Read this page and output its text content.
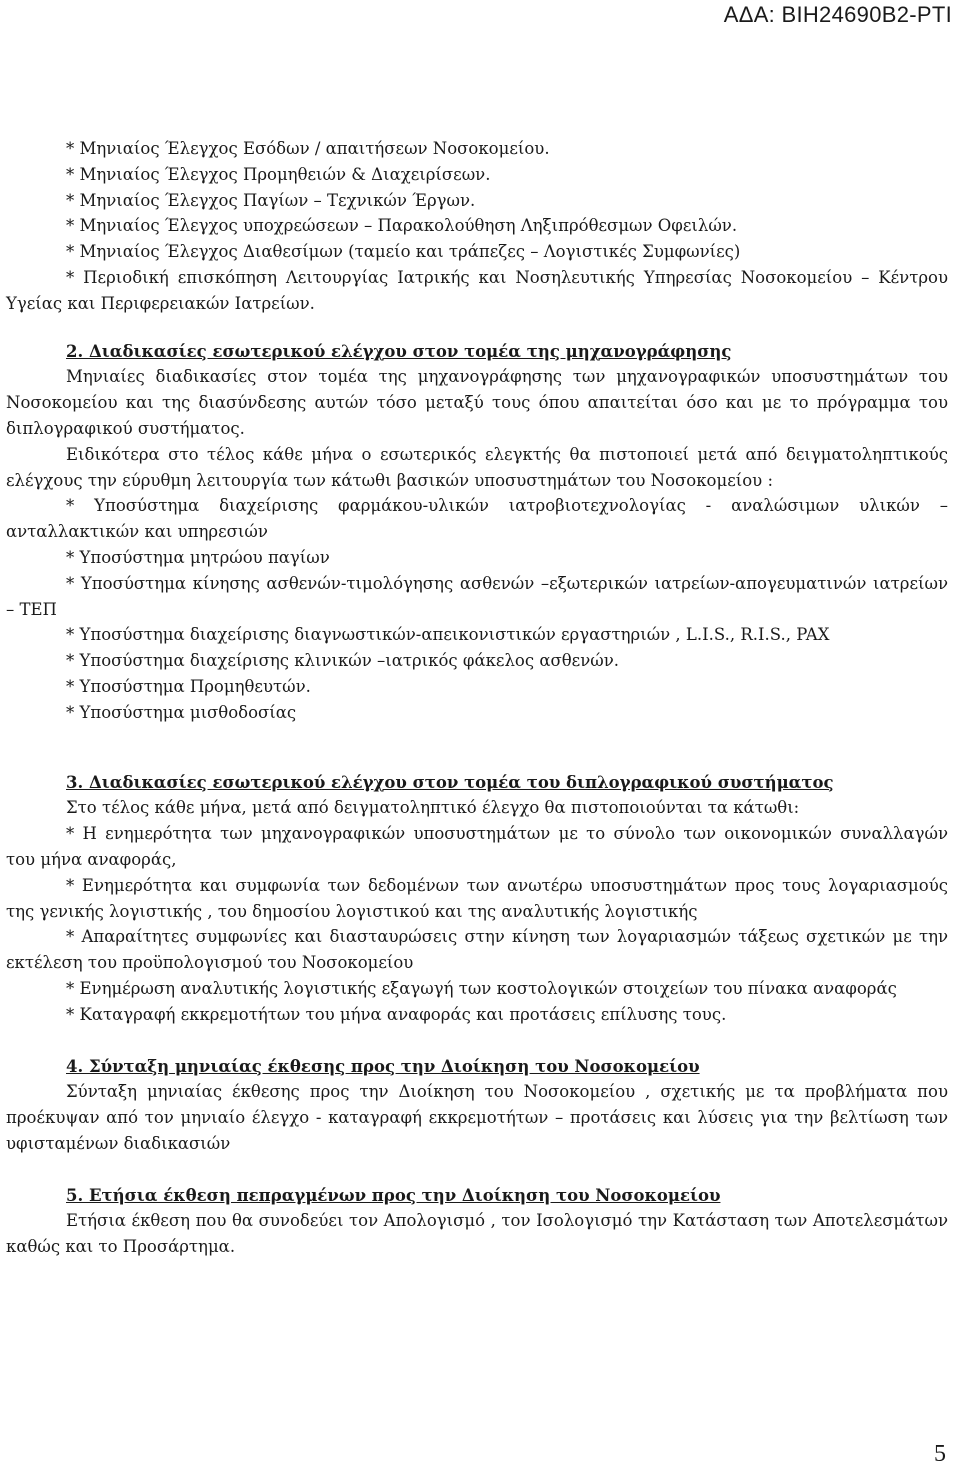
ΑΔΑ: ΒΙΗ24690Β2-ΡΤΙ

* Μηνιαίος Έλεγχος Εσόδων / απαιτήσεων Νοσοκομείου.

* Μηνιαίος Έλεγχος Προμηθειών & Διαχειρίσεων.

* Μηνιαίος Έλεγχος Παγίων – Τεχνικών Έργων.

* Μηνιαίος Έλεγχος υποχρεώσεων – Παρακολούθηση Ληξιπρόθεσμων Οφειλών.

* Μηνιαίος Έλεγχος Διαθεσίμων (ταμείο και τράπεζες – Λογιστικές Συμφωνίες)

* Περιοδική επισκόπηση Λειτουργίας Ιατρικής και Νοσηλευτικής Υπηρεσίας Νοσοκομείου – Κέντρου Υγείας και Περιφερειακών Ιατρείων.

2. Διαδικασίες εσωτερικού ελέγχου στον τομέα της μηχανογράφησης

Μηνιαίες διαδικασίες στον τομέα της μηχανογράφησης των μηχανογραφικών υποσυστημάτων του Νοσοκομείου και της διασύνδεσης αυτών τόσο μεταξύ τους όπου απαιτείται όσο και με το πρόγραμμα του διπλογραφικού συστήματος.

Ειδικότερα στο τέλος κάθε μήνα ο εσωτερικός ελεγκτής θα πιστοποιεί μετά από δειγματοληπτικούς ελέγχους την εύρυθμη λειτουργία των κάτωθι βασικών υποσυστημάτων του Νοσοκομείου :

* Υποσύστημα διαχείρισης φαρμάκου-υλικών ιατροβιοτεχνολογίας - αναλώσιμων υλικών –ανταλλακτικών και υπηρεσιών

* Υποσύστημα μητρώου παγίων

* Υποσύστημα κίνησης ασθενών-τιμολόγησης ασθενών –εξωτερικών ιατρείων-απογευματινών ιατρείων – ΤΕΠ

* Υποσύστημα διαχείρισης διαγνωστικών-απεικονιστικών εργαστηριών , L.I.S., R.I.S., PAX

* Υποσύστημα διαχείρισης κλινικών –ιατρικός φάκελος ασθενών.

* Υποσύστημα Προμηθευτών.

* Υποσύστημα μισθοδοσίας

3. Διαδικασίες εσωτερικού ελέγχου στον τομέα του διπλογραφικού συστήματος

Στο τέλος κάθε μήνα, μετά από δειγματοληπτικό έλεγχο θα πιστοποιούνται τα κάτωθι:

* Η ενημερότητα των μηχανογραφικών υποσυστημάτων με το σύνολο των οικονομικών συναλλαγών του μήνα αναφοράς,

* Ενημερότητα και συμφωνία των δεδομένων των ανωτέρω υποσυστημάτων προς τους λογαριασμούς της γενικής λογιστικής , του δημοσίου λογιστικού και της αναλυτικής λογιστικής

* Απαραίτητες συμφωνίες και διασταυρώσεις στην κίνηση των λογαριασμών τάξεως σχετικών με την εκτέλεση του προϋπολογισμού του Νοσοκομείου

* Ενημέρωση αναλυτικής λογιστικής εξαγωγή των κοστολογικών στοιχείων του πίνακα αναφοράς

* Καταγραφή εκκρεμοτήτων του μήνα αναφοράς και προτάσεις επίλυσης τους.

4. Σύνταξη μηνιαίας έκθεσης προς την Διοίκηση του Νοσοκομείου

Σύνταξη μηνιαίας έκθεσης προς την Διοίκηση του Νοσοκομείου , σχετικής με τα προβλήματα που προέκυψαν από τον μηνιαίο έλεγχο - καταγραφή εκκρεμοτήτων – προτάσεις και λύσεις για την βελτίωση των υφισταμένων διαδικασιών

5. Ετήσια έκθεση πεπραγμένων προς την Διοίκηση του Νοσοκομείου

Ετήσια έκθεση που θα συνοδεύει τον Απολογισμό , τον Ισολογισμό την Κατάσταση των Αποτελεσμάτων καθώς και το Προσάρτημα.

5
